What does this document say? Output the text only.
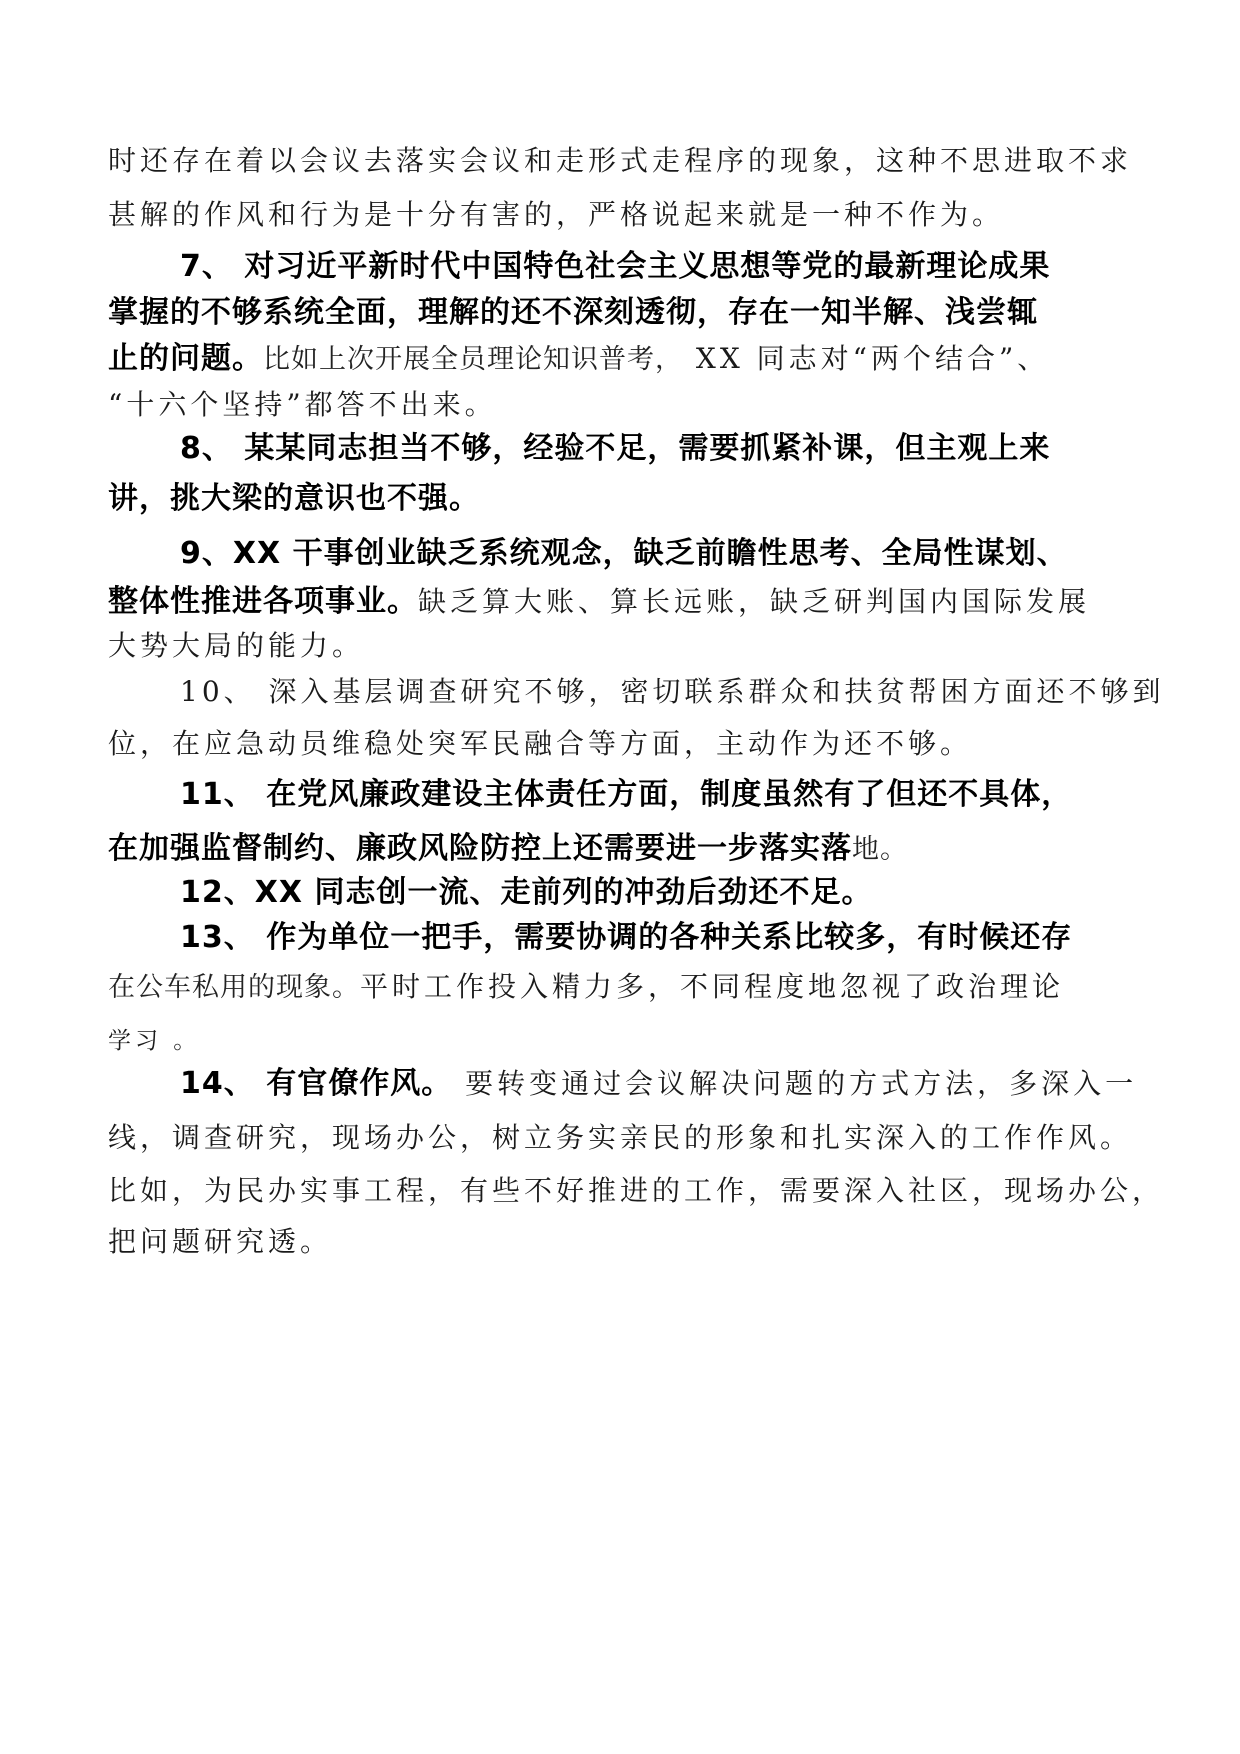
时还存在着以会议去落实会议和走形式走程序的现象，这种不思进取不求
甚解的作风和行为是十分有害的，严格说起来就是一种不作为。
7、 对习近平新时代中国特色社会主义思想等党的最新理论成果
掌握的不够系统全面，理解的还不深刻透彻，存在一知半解、浅尝辄
止的问题。比如上次开展全员理论知识普考， XX 同志对“两个结合”、
“十六个坚持”都答不出来。
8、 某某同志担当不够，经验不足，需要抓紧补课，但主观上来
讲，挑大梁的意识也不强。
9、XX 干事创业缺乏系统观念，缺乏前瞻性思考、全局性谋划、
整体性推进各项事业。缺乏算大账、算长远账，缺乏研判国内国际发展
大势大局的能力。
10、 深入基层调查研究不够，密切联系群众和扶贫帮困方面还不够到
位，在应急动员维稳处突军民融合等方面，主动作为还不够。
11、 在党风廉政建设主体责任方面，制度虽然有了但还不具体，
在加强监督制约、廉政风险防控上还需要进一步落实落地。
12、XX 同志创一流、走前列的冲劲后劲还不足。
13、 作为单位一把手，需要协调的各种关系比较多，有时候还存
在公车私用的现象。平时工作投入精力多，不同程度地忽视了政治理论
学习 。
14、 有官僚作风。 要转变通过会议解决问题的方式方法，多深入一
线，调查研究，现场办公，树立务实亲民的形象和扎实深入的工作作风。
比如，为民办实事工程，有些不好推进的工作，需要深入社区，现场办公，
把问题研究透。
